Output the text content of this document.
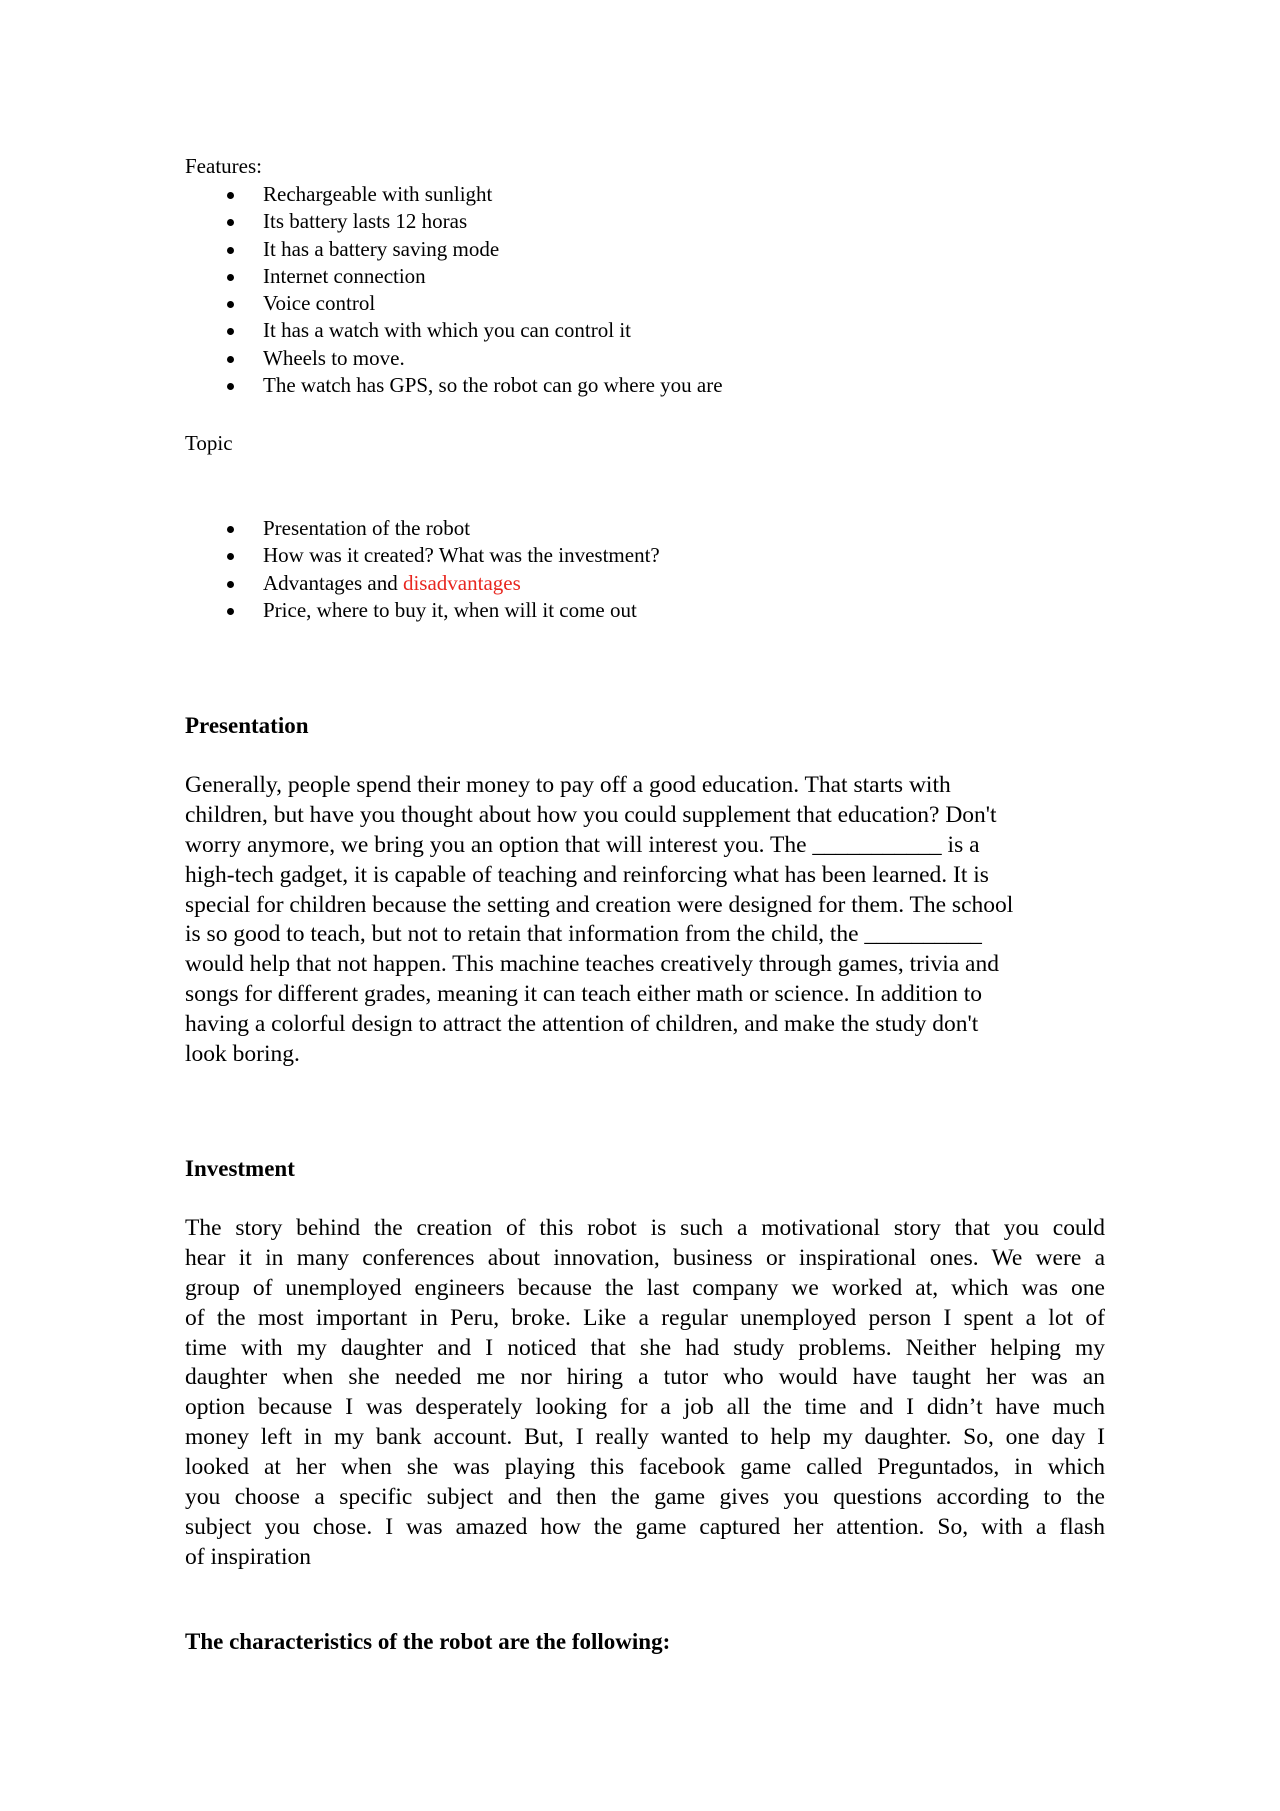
Features:
Rechargeable with sunlight
Its battery lasts 12 horas
It has a battery saving mode
Internet connection
Voice control
It has a watch with which you can control it
Wheels to move.
The watch has GPS, so the robot can go where you are
Topic
Presentation of the robot
How was it created? What was the investment?
Advantages and disadvantages
Price, where to buy it, when will it come out
Presentation
Generally, people spend their money to pay off a good education. That starts with
children, but have you thought about how you could supplement that education? Don't
worry anymore, we bring you an option that will interest you. The ___________ is a
high-tech gadget, it is capable of teaching and reinforcing what has been learned. It is
special for children because the setting and creation were designed for them. The school
is so good to teach, but not to retain that information from the child, the __________
would help that not happen. This machine teaches creatively through games, trivia and
songs for different grades, meaning it can teach either math or science. In addition to
having a colorful design to attract the attention of children, and make the study don't
look boring.
Investment
The story behind the creation of this robot is such a motivational story that you could
hear it in many conferences about innovation, business or inspirational ones. We were a
group of unemployed engineers because the last company we worked at, which was one
of the most important in Peru, broke. Like a regular unemployed person I spent a lot of
time with my daughter and I noticed that she had study problems. Neither helping my
daughter when she needed me nor hiring a tutor who would have taught her was an
option because I was desperately looking for a job all the time and I didn’t have much
money left in my bank account. But, I really wanted to help my daughter. So, one day I
looked at her when she was playing this facebook game called Preguntados, in which
you choose a specific subject and then the game gives you questions according to the
subject you chose. I was amazed how the game captured her attention. So, with a flash
of inspiration
The characteristics of the robot are the following:
